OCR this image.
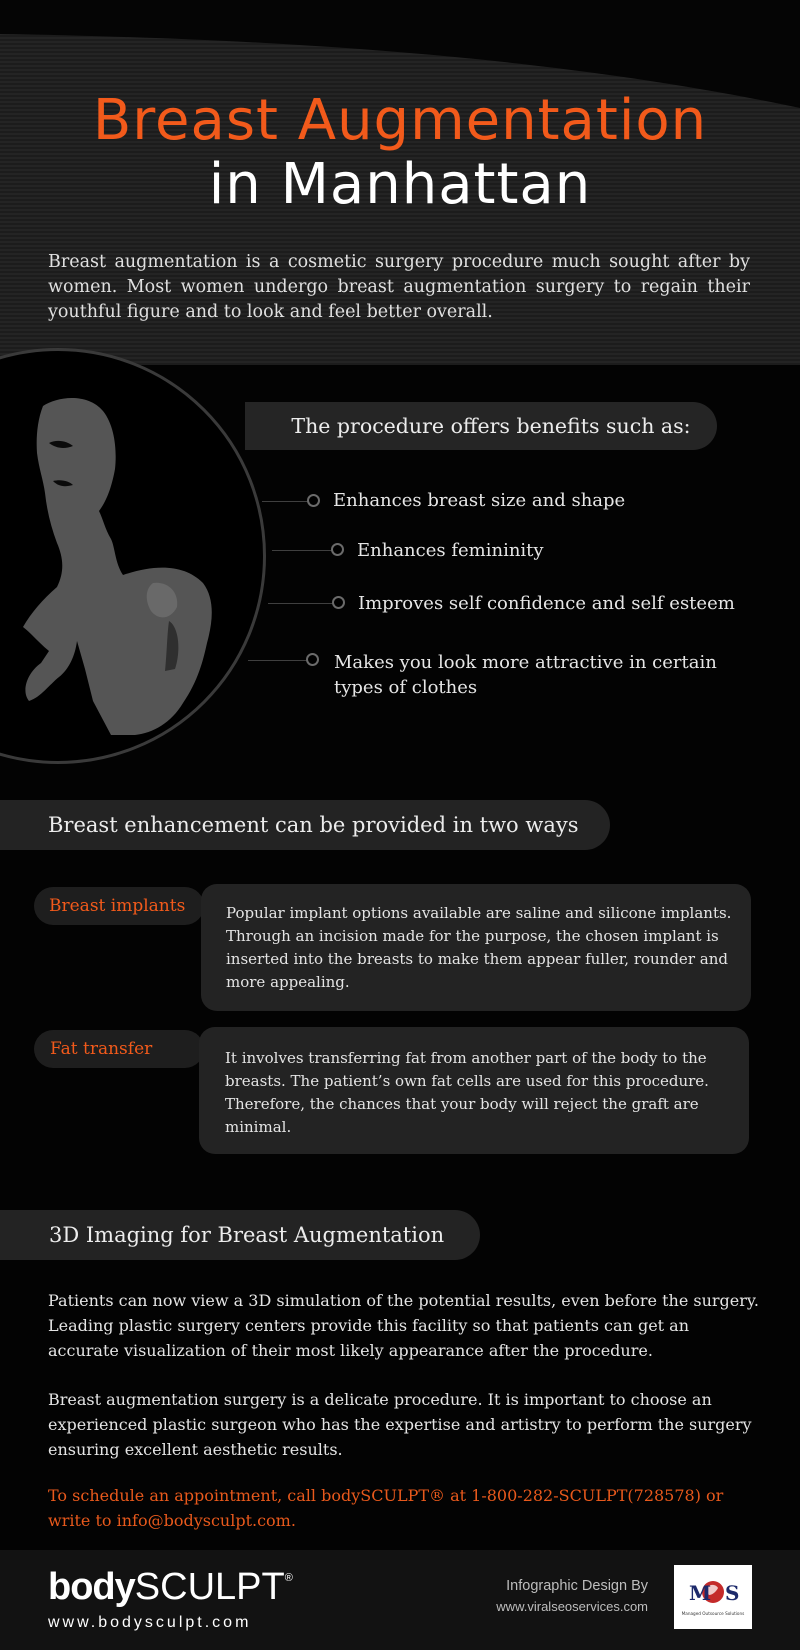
Breast Augmentation
in Manhattan
Breast augmentation is a cosmetic surgery procedure much sought after by women. Most women undergo breast augmentation surgery to regain their youthful figure and to look and feel better overall.
The procedure offers benefits such as:
Enhances breast size and shape
Enhances femininity
Improves self confidence and self esteem
Makes you look more attractive in certain types of clothes
Breast enhancement can be provided in two ways
Breast implants	Popular implant options available are saline and silicone implants. Through an incision made for the purpose, the chosen implant is inserted into the breasts to make them appear fuller, rounder and more appealing.
Fat transfer	It involves transferring fat from another part of the body to the breasts. The patient’s own fat cells are used for this procedure. Therefore, the chances that your body will reject the graft are minimal.
3D Imaging for Breast Augmentation
Patients can now view a 3D simulation of the potential results, even before the surgery. Leading plastic surgery centers provide this facility so that patients can get an accurate visualization of their most likely appearance after the procedure.
Breast augmentation surgery is a delicate procedure. It is important to choose an experienced plastic surgeon who has the expertise and artistry to perform the surgery ensuring excellent aesthetic results.
To schedule an appointment, call bodySCULPT® at 1-800-282-SCULPT(728578) or write to info@bodysculpt.com.
bodySCULPT®
www.bodysculpt.com
Infographic Design By
www.viralseoservices.com
M S
Managed Outsource Solutions
